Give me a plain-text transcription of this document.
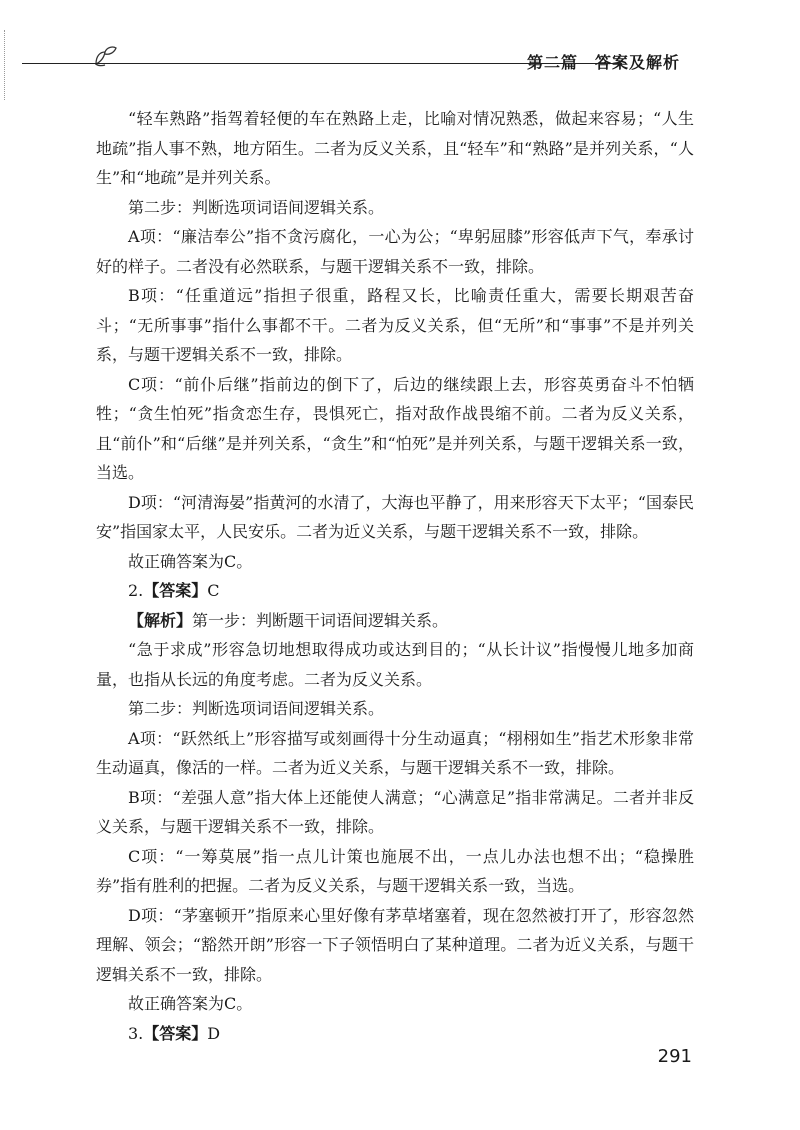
第二篇　答案及解析

“轻车熟路”指驾着轻便的车在熟路上走，比喻对情况熟悉，做起来容易；“人生地疏”指人事不熟，地方陌生。二者为反义关系，且“轻车”和“熟路”是并列关系，“人生”和“地疏”是并列关系。

第二步：判断选项词语间逻辑关系。

A项：“廉洁奉公”指不贪污腐化，一心为公；“卑躬屈膝”形容低声下气，奉承讨好的样子。二者没有必然联系，与题干逻辑关系不一致，排除。

B项：“任重道远”指担子很重，路程又长，比喻责任重大，需要长期艰苦奋斗；“无所事事”指什么事都不干。二者为反义关系，但“无所”和“事事”不是并列关系，与题干逻辑关系不一致，排除。

C项：“前仆后继”指前边的倒下了，后边的继续跟上去，形容英勇奋斗不怕牺牲；“贪生怕死”指贪恋生存，畏惧死亡，指对敌作战畏缩不前。二者为反义关系，且“前仆”和“后继”是并列关系，“贪生”和“怕死”是并列关系，与题干逻辑关系一致，当选。

D项：“河清海晏”指黄河的水清了，大海也平静了，用来形容天下太平；“国泰民安”指国家太平，人民安乐。二者为近义关系，与题干逻辑关系不一致，排除。

故正确答案为C。

2.【答案】C

【解析】第一步：判断题干词语间逻辑关系。

“急于求成”形容急切地想取得成功或达到目的；“从长计议”指慢慢儿地多加商量，也指从长远的角度考虑。二者为反义关系。

第二步：判断选项词语间逻辑关系。

A项：“跃然纸上”形容描写或刻画得十分生动逼真；“栩栩如生”指艺术形象非常生动逼真，像活的一样。二者为近义关系，与题干逻辑关系不一致，排除。

B项：“差强人意”指大体上还能使人满意；“心满意足”指非常满足。二者并非反义关系，与题干逻辑关系不一致，排除。

C项：“一筹莫展”指一点儿计策也施展不出，一点儿办法也想不出；“稳操胜券”指有胜利的把握。二者为反义关系，与题干逻辑关系一致，当选。

D项：“茅塞顿开”指原来心里好像有茅草堵塞着，现在忽然被打开了，形容忽然理解、领会；“豁然开朗”形容一下子领悟明白了某种道理。二者为近义关系，与题干逻辑关系不一致，排除。

故正确答案为C。

3.【答案】D

291
